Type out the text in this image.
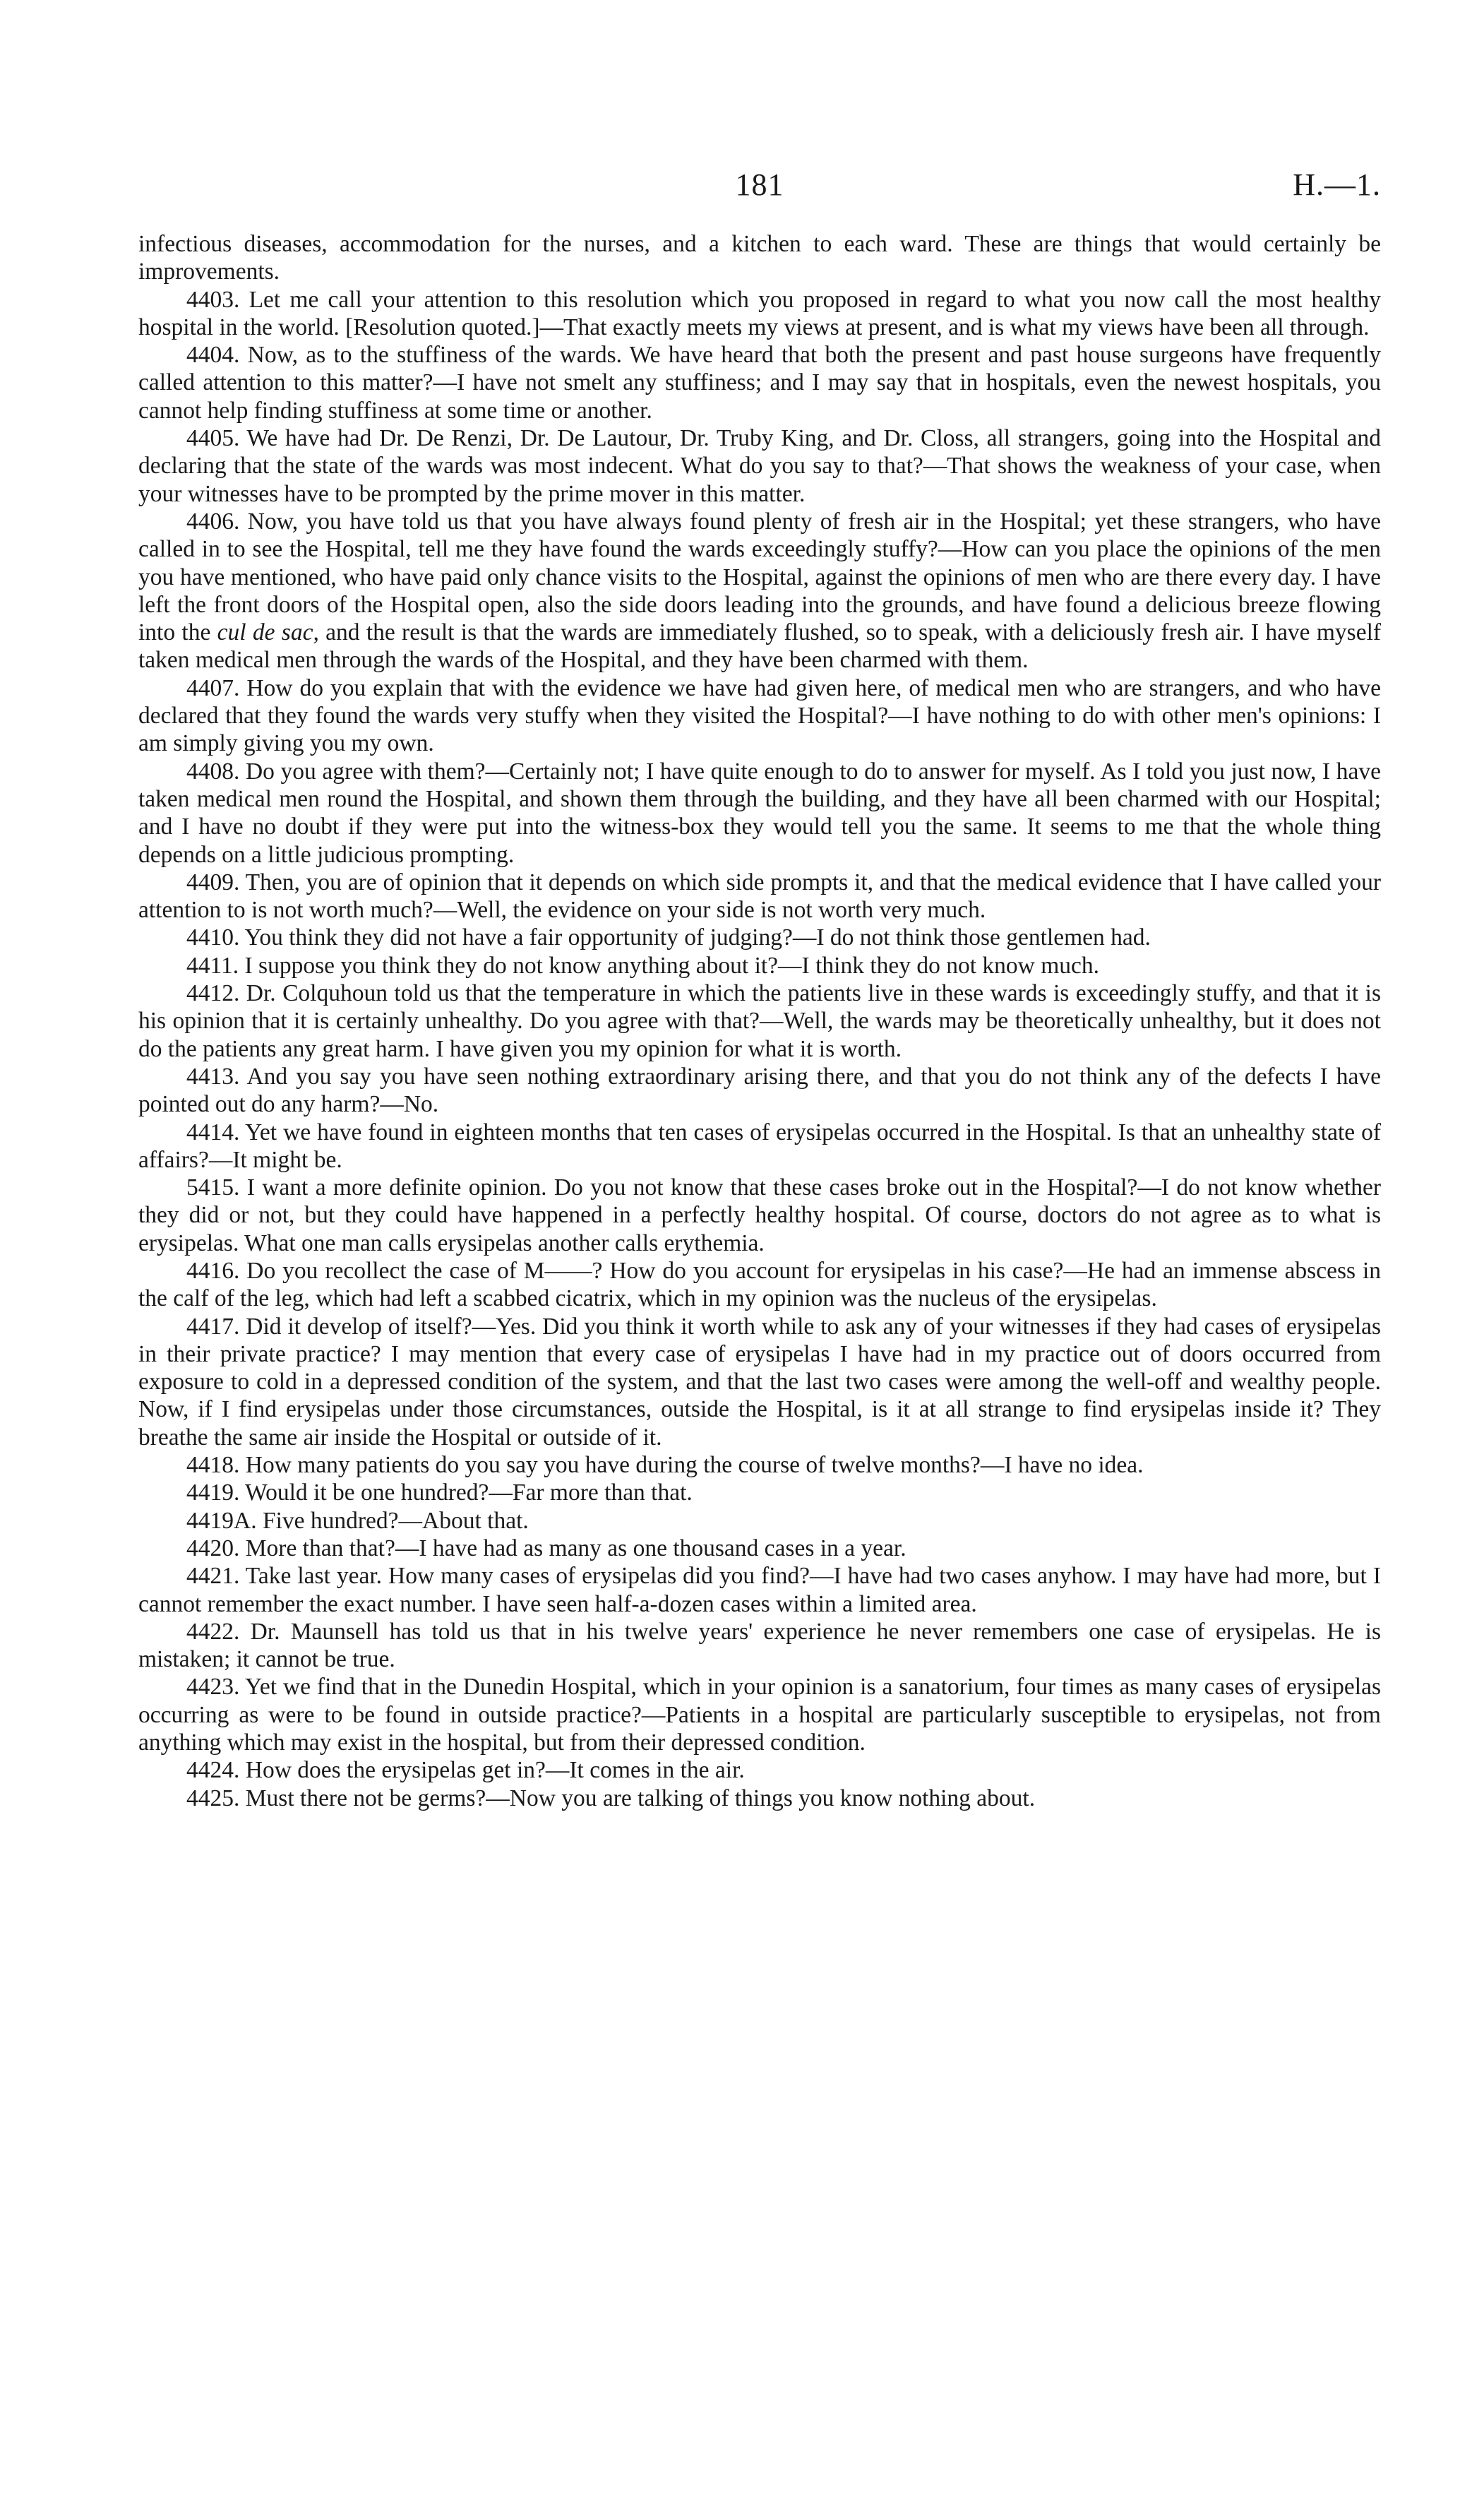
181	H.—1.

infectious diseases, accommodation for the nurses, and a kitchen to each ward. These are things that would certainly be improvements.

4403. Let me call your attention to this resolution which you proposed in regard to what you now call the most healthy hospital in the world. [Resolution quoted.]—That exactly meets my views at present, and is what my views have been all through.

4404. Now, as to the stuffiness of the wards. We have heard that both the present and past house surgeons have frequently called attention to this matter?—I have not smelt any stuffiness; and I may say that in hospitals, even the newest hospitals, you cannot help finding stuffiness at some time or another.

4405. We have had Dr. De Renzi, Dr. De Lautour, Dr. Truby King, and Dr. Closs, all strangers, going into the Hospital and declaring that the state of the wards was most indecent. What do you say to that?—That shows the weakness of your case, when your witnesses have to be prompted by the prime mover in this matter.

4406. Now, you have told us that you have always found plenty of fresh air in the Hospital; yet these strangers, who have called in to see the Hospital, tell me they have found the wards exceedingly stuffy?—How can you place the opinions of the men you have mentioned, who have paid only chance visits to the Hospital, against the opinions of men who are there every day. I have left the front doors of the Hospital open, also the side doors leading into the grounds, and have found a delicious breeze flowing into the cul de sac, and the result is that the wards are immediately flushed, so to speak, with a deliciously fresh air. I have myself taken medical men through the wards of the Hospital, and they have been charmed with them.

4407. How do you explain that with the evidence we have had given here, of medical men who are strangers, and who have declared that they found the wards very stuffy when they visited the Hospital?—I have nothing to do with other men's opinions: I am simply giving you my own.

4408. Do you agree with them?—Certainly not; I have quite enough to do to answer for myself. As I told you just now, I have taken medical men round the Hospital, and shown them through the building, and they have all been charmed with our Hospital; and I have no doubt if they were put into the witness-box they would tell you the same. It seems to me that the whole thing depends on a little judicious prompting.

4409. Then, you are of opinion that it depends on which side prompts it, and that the medical evidence that I have called your attention to is not worth much?—Well, the evidence on your side is not worth very much.

4410. You think they did not have a fair opportunity of judging?—I do not think those gentlemen had.

4411. I suppose you think they do not know anything about it?—I think they do not know much.

4412. Dr. Colquhoun told us that the temperature in which the patients live in these wards is exceedingly stuffy, and that it is his opinion that it is certainly unhealthy. Do you agree with that?—Well, the wards may be theoretically unhealthy, but it does not do the patients any great harm. I have given you my opinion for what it is worth.

4413. And you say you have seen nothing extraordinary arising there, and that you do not think any of the defects I have pointed out do any harm?—No.

4414. Yet we have found in eighteen months that ten cases of erysipelas occurred in the Hospital. Is that an unhealthy state of affairs?—It might be.

5415. I want a more definite opinion. Do you not know that these cases broke out in the Hospital?—I do not know whether they did or not, but they could have happened in a perfectly healthy hospital. Of course, doctors do not agree as to what is erysipelas. What one man calls erysipelas another calls erythemia.

4416. Do you recollect the case of M——? How do you account for erysipelas in his case?—He had an immense abscess in the calf of the leg, which had left a scabbed cicatrix, which in my opinion was the nucleus of the erysipelas.

4417. Did it develop of itself?—Yes. Did you think it worth while to ask any of your witnesses if they had cases of erysipelas in their private practice? I may mention that every case of erysipelas I have had in my practice out of doors occurred from exposure to cold in a depressed condition of the system, and that the last two cases were among the well-off and wealthy people. Now, if I find erysipelas under those circumstances, outside the Hospital, is it at all strange to find erysipelas inside it? They breathe the same air inside the Hospital or outside of it.

4418. How many patients do you say you have during the course of twelve months?—I have no idea.

4419. Would it be one hundred?—Far more than that.

4419A. Five hundred?—About that.

4420. More than that?—I have had as many as one thousand cases in a year.

4421. Take last year. How many cases of erysipelas did you find?—I have had two cases anyhow. I may have had more, but I cannot remember the exact number. I have seen half-a-dozen cases within a limited area.

4422. Dr. Maunsell has told us that in his twelve years' experience he never remembers one case of erysipelas. He is mistaken; it cannot be true.

4423. Yet we find that in the Dunedin Hospital, which in your opinion is a sanatorium, four times as many cases of erysipelas occurring as were to be found in outside practice?—Patients in a hospital are particularly susceptible to erysipelas, not from anything which may exist in the hospital, but from their depressed condition.

4424. How does the erysipelas get in?—It comes in the air.

4425. Must there not be germs?—Now you are talking of things you know nothing about.
